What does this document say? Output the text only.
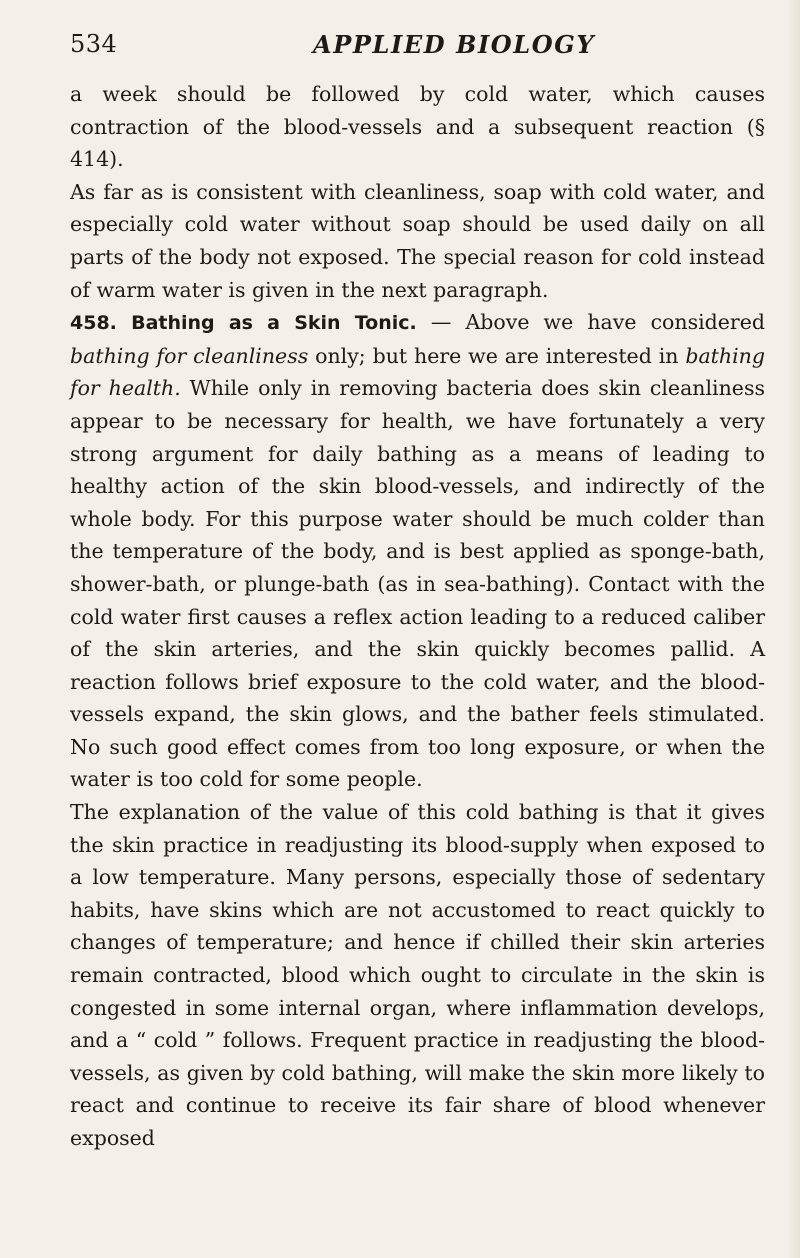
534	APPLIED BIOLOGY

a week should be followed by cold water, which causes contraction of the blood-vessels and a subsequent reaction (§ 414).

As far as is consistent with cleanliness, soap with cold water, and especially cold water without soap should be used daily on all parts of the body not exposed. The special reason for cold instead of warm water is given in the next paragraph.

458. Bathing as a Skin Tonic. — Above we have considered bathing for cleanliness only; but here we are interested in bathing for health. While only in removing bacteria does skin cleanliness appear to be necessary for health, we have fortunately a very strong argument for daily bathing as a means of leading to healthy action of the skin blood-vessels, and indirectly of the whole body. For this purpose water should be much colder than the temperature of the body, and is best applied as sponge-bath, shower-bath, or plunge-bath (as in sea-bathing). Contact with the cold water first causes a reflex action leading to a reduced caliber of the skin arteries, and the skin quickly becomes pallid. A reaction follows brief exposure to the cold water, and the blood-vessels expand, the skin glows, and the bather feels stimulated. No such good effect comes from too long exposure, or when the water is too cold for some people.

The explanation of the value of this cold bathing is that it gives the skin practice in readjusting its blood-supply when exposed to a low temperature. Many persons, especially those of sedentary habits, have skins which are not accustomed to react quickly to changes of temperature; and hence if chilled their skin arteries remain contracted, blood which ought to circulate in the skin is congested in some internal organ, where inflammation develops, and a “ cold ” follows. Frequent practice in readjusting the blood-vessels, as given by cold bathing, will make the skin more likely to react and continue to receive its fair share of blood whenever exposed
